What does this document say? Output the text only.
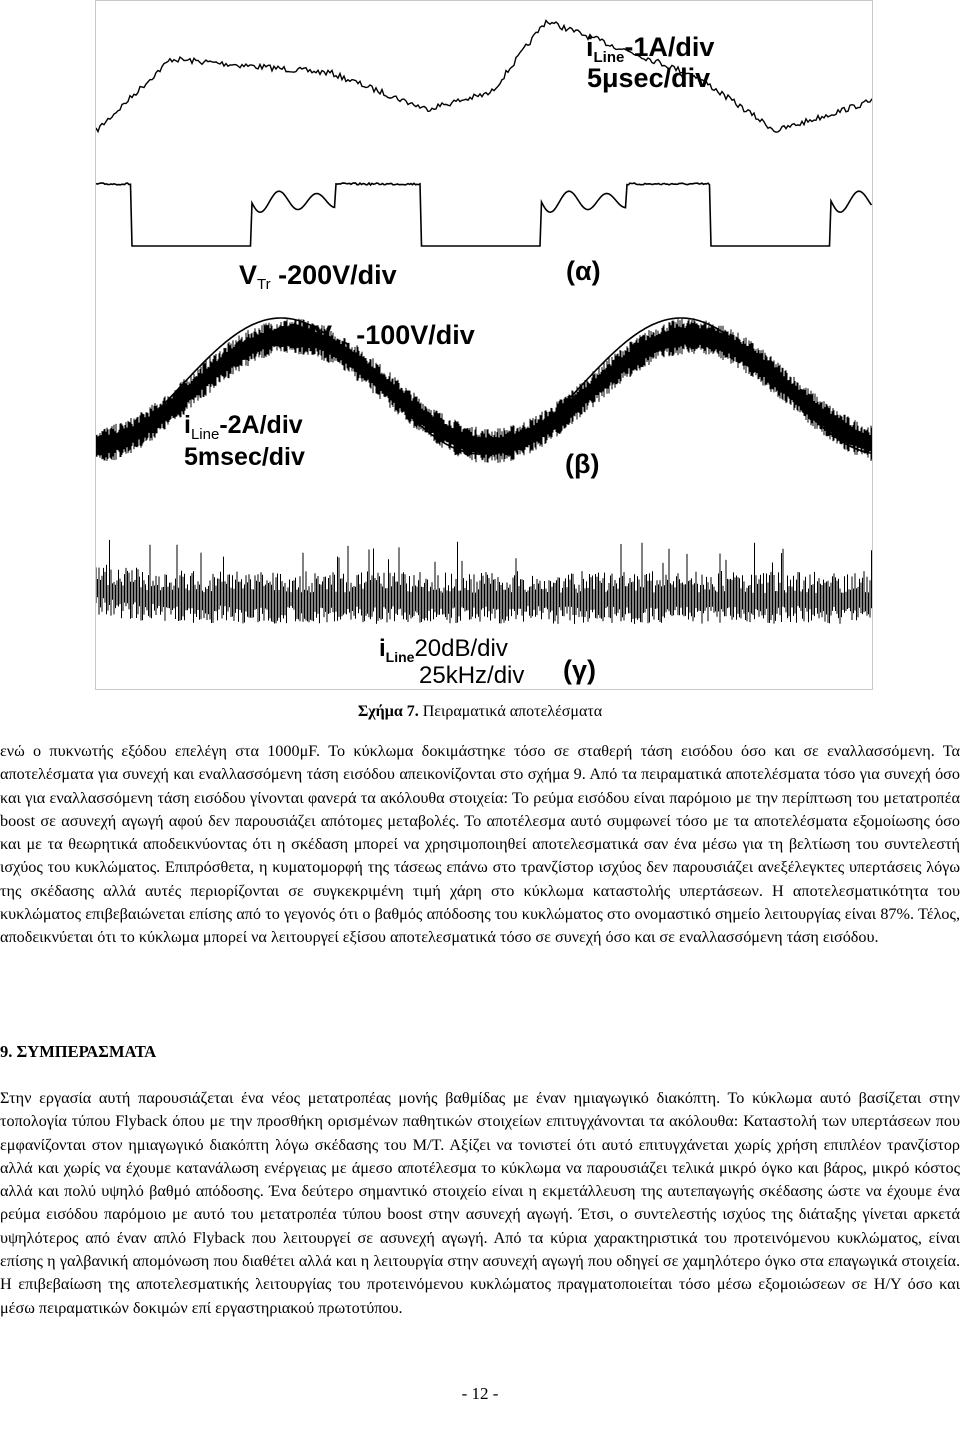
$i_{Line}-1A$/div
5μsec/div
VTr -200V/div	(α)
$V_{ac}$ -100V/div
$i_{Line}-2A$/div
5msec/div	(β)
$i_{Line}20dB$/div
25kHz/div (γ)
Σχήμα 7. Πειραματικά αποτελέσματα
ενώ ο πυκνωτής εξόδου επελέγη στα 1000μF. Το κύκλωμα δοκιμάστηκε τόσο σε σταθερή τάση εισόδου όσο και σε εναλλασσόμενη. Τα αποτελέσματα για συνεχή και εναλλασσόμενη τάση εισόδου απεικονίζονται στο σχήμα 9. Από τα πειραματικά αποτελέσματα τόσο για συνεχή όσο και για εναλλασσόμενη τάση εισόδου γίνονται φανερά τα ακόλουθα στοιχεία: Το ρεύμα εισόδου είναι παρόμοιο με την περίπτωση του μετατροπέα boost σε ασυνεχή αγωγή αφού δεν παρουσιάζει απότομες μεταβολές. Το αποτέλεσμα αυτό συμφωνεί τόσο με τα αποτελέσματα εξομοίωσης όσο και με τα θεωρητικά αποδεικνύοντας ότι η σκέδαση μπορεί να χρησιμοποιηθεί αποτελεσματικά σαν ένα μέσω για τη βελτίωση του συντελεστή ισχύος του κυκλώματος. Επιπρόσθετα, η κυματομορφή της τάσεως επάνω στο τρανζίστορ ισχύος δεν παρουσιάζει ανεξέλεγκτες υπερτάσεις λόγω της σκέδασης αλλά αυτές περιορίζονται σε συγκεκριμένη τιμή χάρη στο κύκλωμα καταστολής υπερτάσεων. Η αποτελεσματικότητα του κυκλώματος επιβεβαιώνεται επίσης από το γεγονός ότι ο βαθμός απόδοσης του κυκλώματος στο ονομαστικό σημείο λειτουργίας είναι 87%. Τέλος, αποδεικνύεται ότι το κύκλωμα μπορεί να λειτουργεί εξίσου αποτελεσματικά τόσο σε συνεχή όσο και σε εναλλασσόμενη τάση εισόδου.
9. ΣΥΜΠΕΡΑΣΜΑΤΑ
Στην εργασία αυτή παρουσιάζεται ένα νέος μετατροπέας μονής βαθμίδας με έναν ημιαγωγικό διακόπτη. Το κύκλωμα αυτό βασίζεται στην τοπολογία τύπου Flyback όπου με την προσθήκη ορισμένων παθητικών στοιχείων επιτυγχάνονται τα ακόλουθα: Καταστολή των υπερτάσεων που εμφανίζονται στον ημιαγωγικό διακόπτη λόγω σκέδασης του Μ/Τ. Αξίζει να τονιστεί ότι αυτό επιτυγχάνεται χωρίς χρήση επιπλέον τρανζίστορ αλλά και χωρίς να έχουμε κατανάλωση ενέργειας με άμεσο αποτέλεσμα το κύκλωμα να παρουσιάζει τελικά μικρό όγκο και βάρος, μικρό κόστος αλλά και πολύ υψηλό βαθμό απόδοσης. Ένα δεύτερο σημαντικό στοιχείο είναι η εκμετάλλευση της αυτεπαγωγής σκέδασης ώστε να έχουμε ένα ρεύμα εισόδου παρόμοιο με αυτό του μετατροπέα τύπου boost στην ασυνεχή αγωγή. Έτσι, ο συντελεστής ισχύος της διάταξης γίνεται αρκετά υψηλότερος από έναν απλό Flyback που λειτουργεί σε ασυνεχή αγωγή. Από τα κύρια χαρακτηριστικά του προτεινόμενου κυκλώματος, είναι επίσης η γαλβανική απομόνωση που διαθέτει αλλά και η λειτουργία στην ασυνεχή αγωγή που οδηγεί σε χαμηλότερο όγκο στα επαγωγικά στοιχεία. Η επιβεβαίωση της αποτελεσματικής λειτουργίας του προτεινόμενου κυκλώματος πραγματοποιείται τόσο μέσω εξομοιώσεων σε Η/Υ όσο και μέσω πειραματικών δοκιμών επί εργαστηριακού πρωτοτύπου.
- 12 -
